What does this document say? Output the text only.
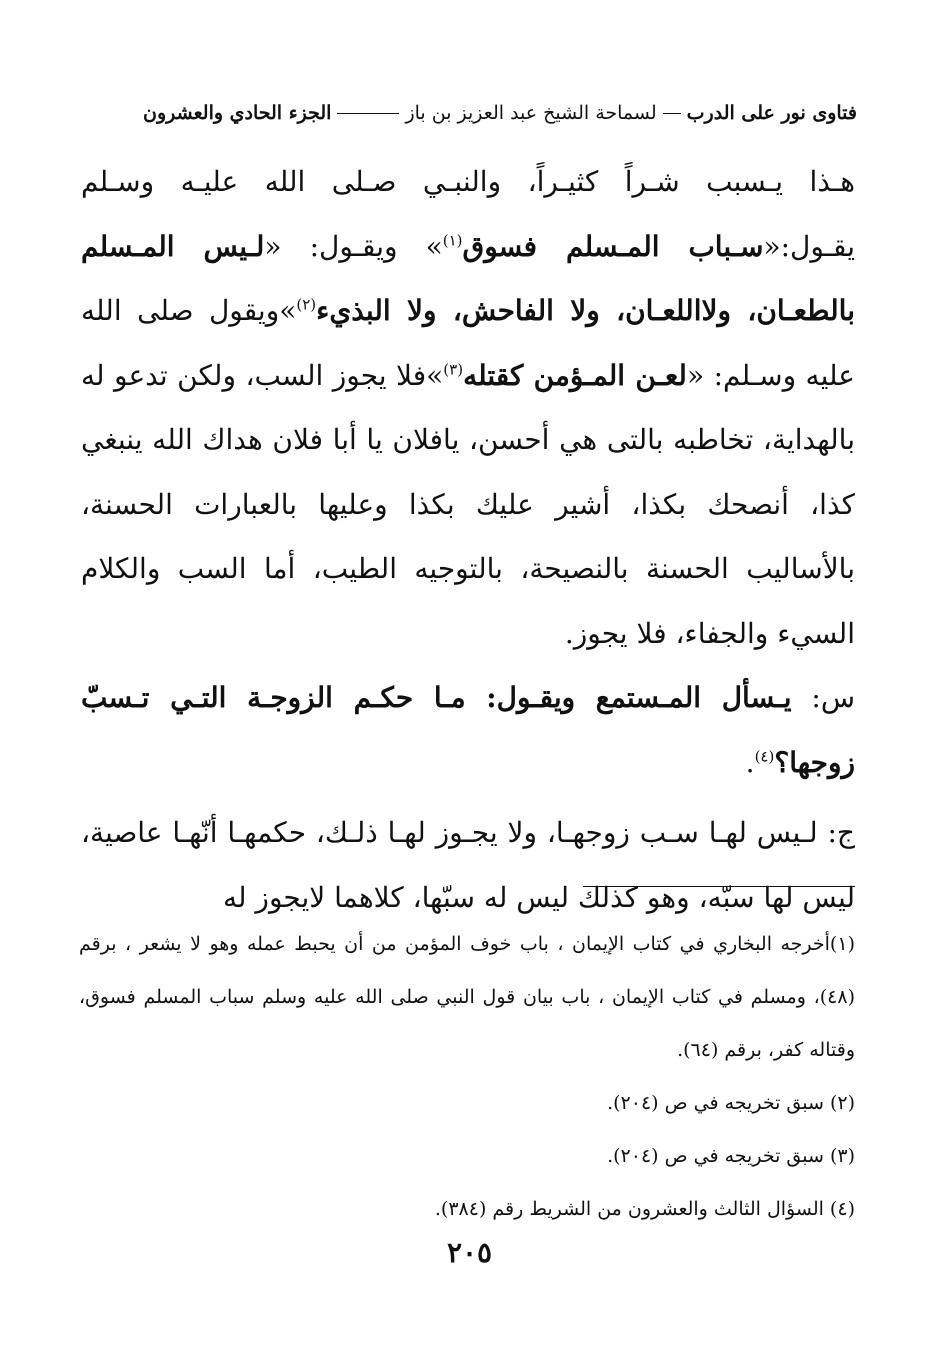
فتاوى نور على الدرب
لسماحة الشيخ عبد العزيز بن باز
الجزء الحادي والعشرون

هـذا يـسبب شـراً كثيـراً، والنبـي صـلى الله عليـه وسـلم يقـول:«سـباب المـسلم فسوق$^{(١)}$» ويقـول: «لـيس المـسلم بالطعـان، ولااللعـان، ولا الفاحش، ولا البذيء$^{(٢)}$»ويقول صلى الله عليه وسـلم: «لعـن المـؤمن كقتله$^{(٣)}$»فلا يجوز السب، ولكن تدعو له بالهداية، تخاطبه بالتى هي أحسن، يافلان يا أبا فلان هداك الله ينبغي كذا، أنصحك بكذا، أشير عليك بكذا وعليها بالعبارات الحسنة، بالأساليب الحسنة بالنصيحة، بالتوجيه الطيب، أما السب والكلام السيء والجفاء، فلا يجوز.

س: يـسأل المـستمع ويقـول: مـا حكـم الزوجـة التـي تـسبّ زوجها؟$^{(٤)}$.

ج: لـيس لهـا سـب زوجهـا، ولا يجـوز لهـا ذلـك، حكمهـا أنّهـا عاصية، ليس لها سبّه، وهو كذلك ليس له سبّها، كلاهما لايجوز له

(١)أخرجه البخاري في كتاب الإيمان ، باب خوف المؤمن من أن يحبط عمله وهو لا يشعر ، برقم (٤٨)، ومسلم في كتاب الإيمان ، باب بيان قول النبي صلى الله عليه وسلم سباب المسلم فسوق، وقتاله كفر، برقم (٦٤).

(٢) سبق تخريجه في ص (٢٠٤).

(٣) سبق تخريجه في ص (٢٠٤).

(٤) السؤال الثالث والعشرون من الشريط رقم (٣٨٤).

٢٠٥
